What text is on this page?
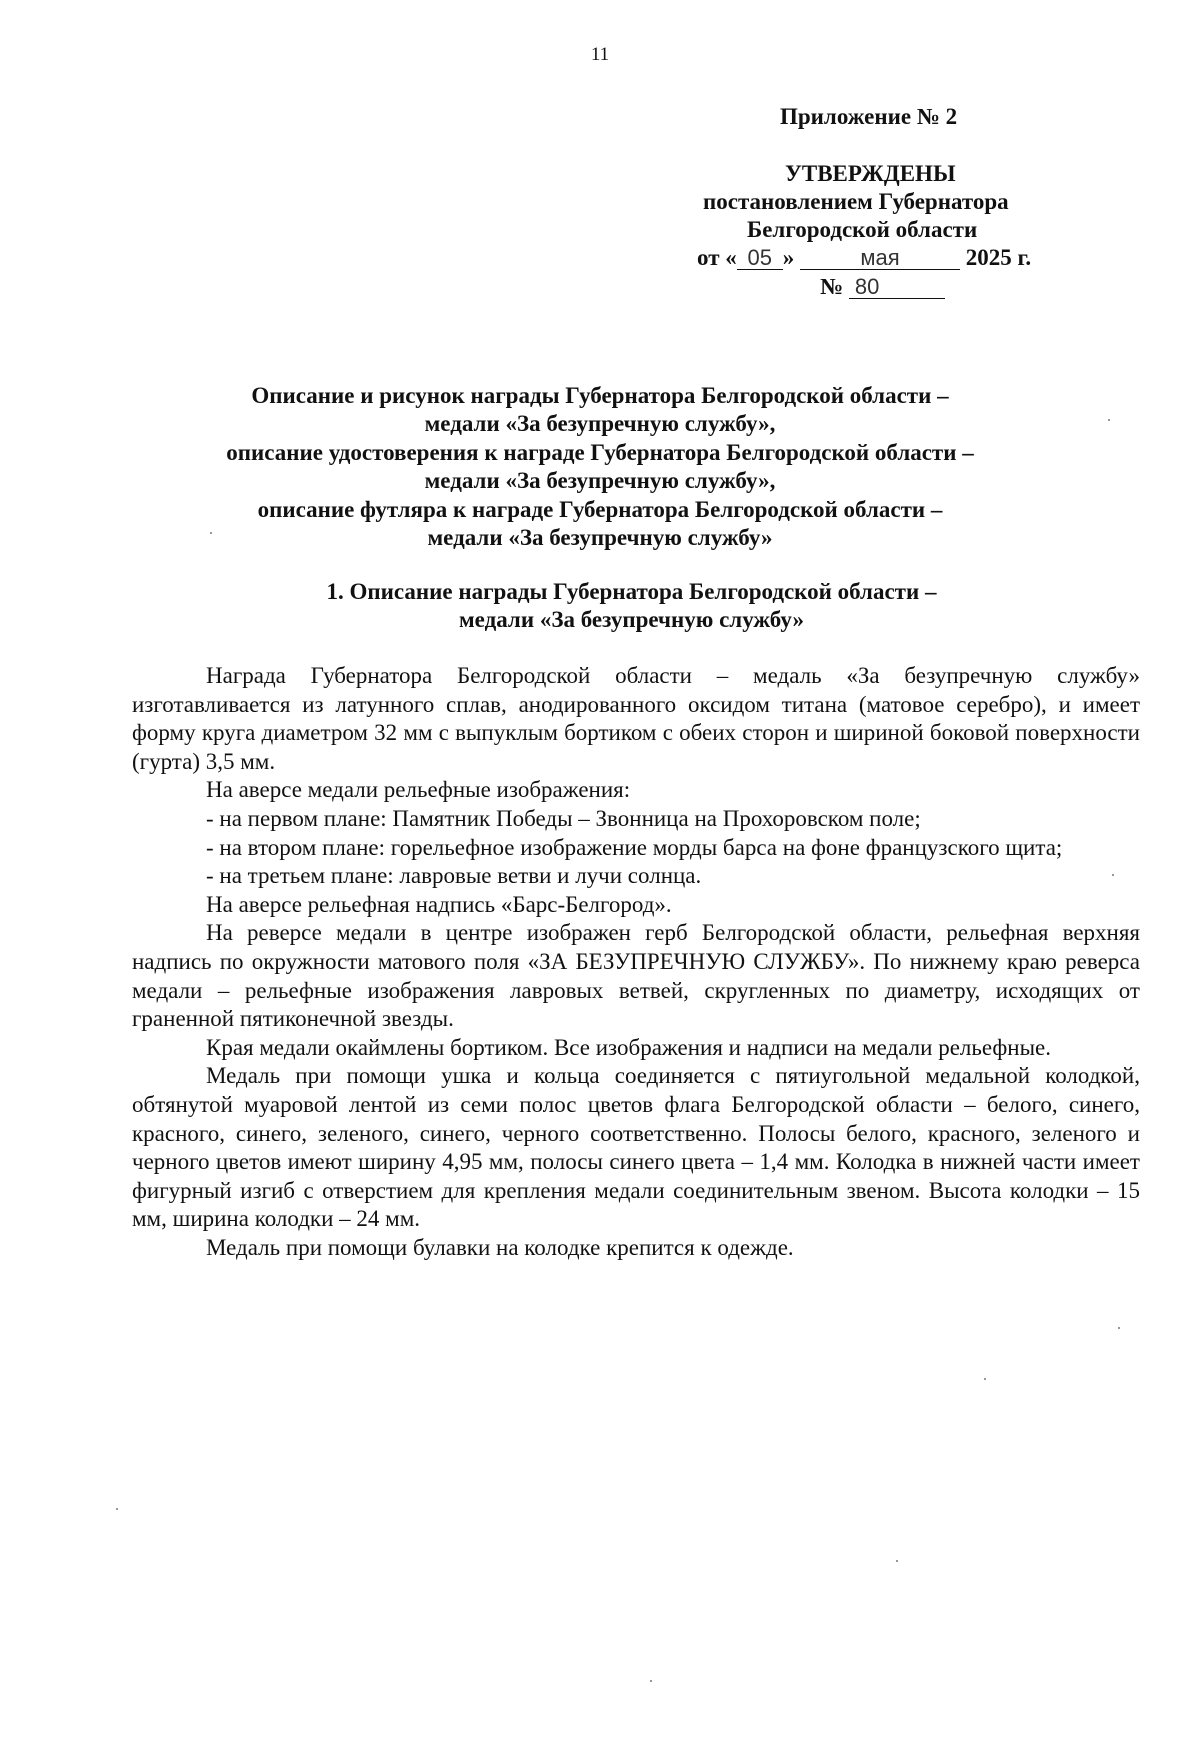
11
Приложение № 2
УТВЕРЖДЕНЫ
постановлением Губернатора
Белгородской области
от « 05 »	мая	2025 г.
№ 80
Описание и рисунок награды Губернатора Белгородской области –
медали «За безупречную службу»,
описание удостоверения к награде Губернатора Белгородской области –
медали «За безупречную службу»,
описание футляра к награде Губернатора Белгородской области –
медали «За безупречную службу»
1. Описание награды Губернатора Белгородской области –
медали «За безупречную службу»

Награда Губернатора Белгородской области – медаль «За безупречную службу» изготавливается из латунного сплав, анодированного оксидом титана (матовое серебро), и имеет форму круга диаметром 32 мм с выпуклым бортиком с обеих сторон и шириной боковой поверхности (гурта) 3,5 мм.

На аверсе медали рельефные изображения:

- на первом плане: Памятник Победы – Звонница на Прохоровском поле;

- на втором плане: горельефное изображение морды барса на фоне французского щита;

- на третьем плане: лавровые ветви и лучи солнца.

На аверсе рельефная надпись «Барс-Белгород».

На реверсе медали в центре изображен герб Белгородской области, рельефная верхняя надпись по окружности матового поля «ЗА БЕЗУПРЕЧНУЮ СЛУЖБУ». По нижнему краю реверса медали – рельефные изображения лавровых ветвей, скругленных по диаметру, исходящих от граненной пятиконечной звезды.

Края медали окаймлены бортиком. Все изображения и надписи на медали рельефные.

Медаль при помощи ушка и кольца соединяется с пятиугольной медальной колодкой, обтянутой муаровой лентой из семи полос цветов флага Белгородской области – белого, синего, красного, синего, зеленого, синего, черного соответственно. Полосы белого, красного, зеленого и черного цветов имеют ширину 4,95 мм, полосы синего цвета – 1,4 мм. Колодка в нижней части имеет фигурный изгиб с отверстием для крепления медали соединительным звеном. Высота колодки – 15 мм, ширина колодки – 24 мм.

Медаль при помощи булавки на колодке крепится к одежде.
